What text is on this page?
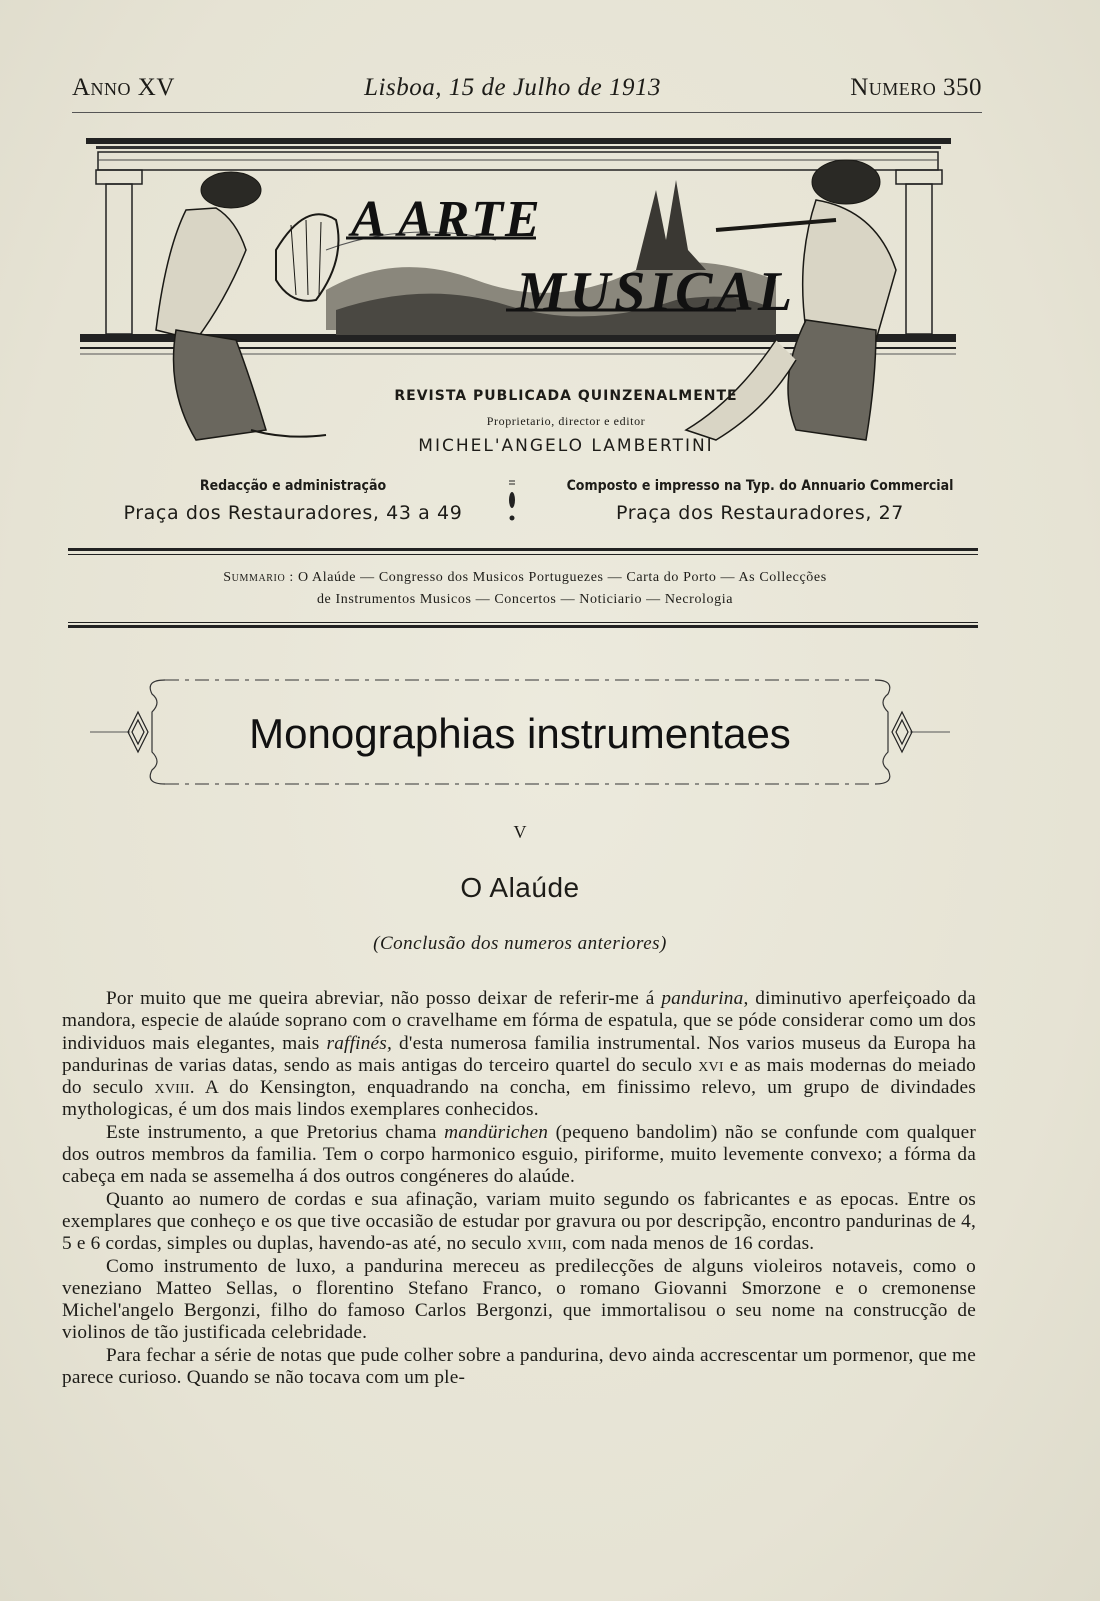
Anno XV	Lisboa, 15 de Julho de 1913	Numero 350
A ARTE
MUSICAL
REVISTA PUBLICADA QUINZENALMENTE
Proprietario, director e editor
MICHEL'ANGELO LAMBERTINI
Redacção e administração
Praça dos Restauradores, 43 a 49
Composto e impresso na Typ. do Annuario Commercial
Praça dos Restauradores, 27
Summario : O Alaúde — Congresso dos Musicos Portuguezes — Carta do Porto — As Collecções
de Instrumentos Musicos — Concertos — Noticiario — Necrologia
Monographias instrumentaes
V
O Alaúde
(Conclusão dos numeros anteriores)

Por muito que me queira abreviar, não posso deixar de referir-me á pandurina, diminutivo aperfeiçoado da mandora, especie de alaúde soprano com o cravelhame em fórma de espatula, que se póde considerar como um dos individuos mais elegantes, mais raffinés, d'esta numerosa familia instrumental. Nos varios museus da Europa ha pandurinas de varias datas, sendo as mais antigas do terceiro quartel do seculo xvi e as mais modernas do meiado do seculo xviii. A do Kensington, enquadrando na concha, em finissimo relevo, um grupo de divindades mythologicas, é um dos mais lindos exemplares conhecidos.

Este instrumento, a que Pretorius chama mandürichen (pequeno bandolim) não se confunde com qualquer dos outros membros da familia. Tem o corpo harmonico esguio, piriforme, muito levemente convexo; a fórma da cabeça em nada se assemelha á dos outros congéneres do alaúde.

Quanto ao numero de cordas e sua afinação, variam muito segundo os fabricantes e as epocas. Entre os exemplares que conheço e os que tive occasião de estudar por gravura ou por descripção, encontro pandurinas de 4, 5 e 6 cordas, simples ou duplas, havendo-as até, no seculo xviii, com nada menos de 16 cordas.

Como instrumento de luxo, a pandurina mereceu as predilecções de alguns violeiros notaveis, como o veneziano Matteo Sellas, o florentino Stefano Franco, o romano Giovanni Smorzone e o cremonense Michel'angelo Bergonzi, filho do famoso Carlos Bergonzi, que immortalisou o seu nome na construcção de violinos de tão justificada celebridade.

Para fechar a série de notas que pude colher sobre a pandurina, devo ainda accrescentar um pormenor, que me parece curioso. Quando se não tocava com um ple-
